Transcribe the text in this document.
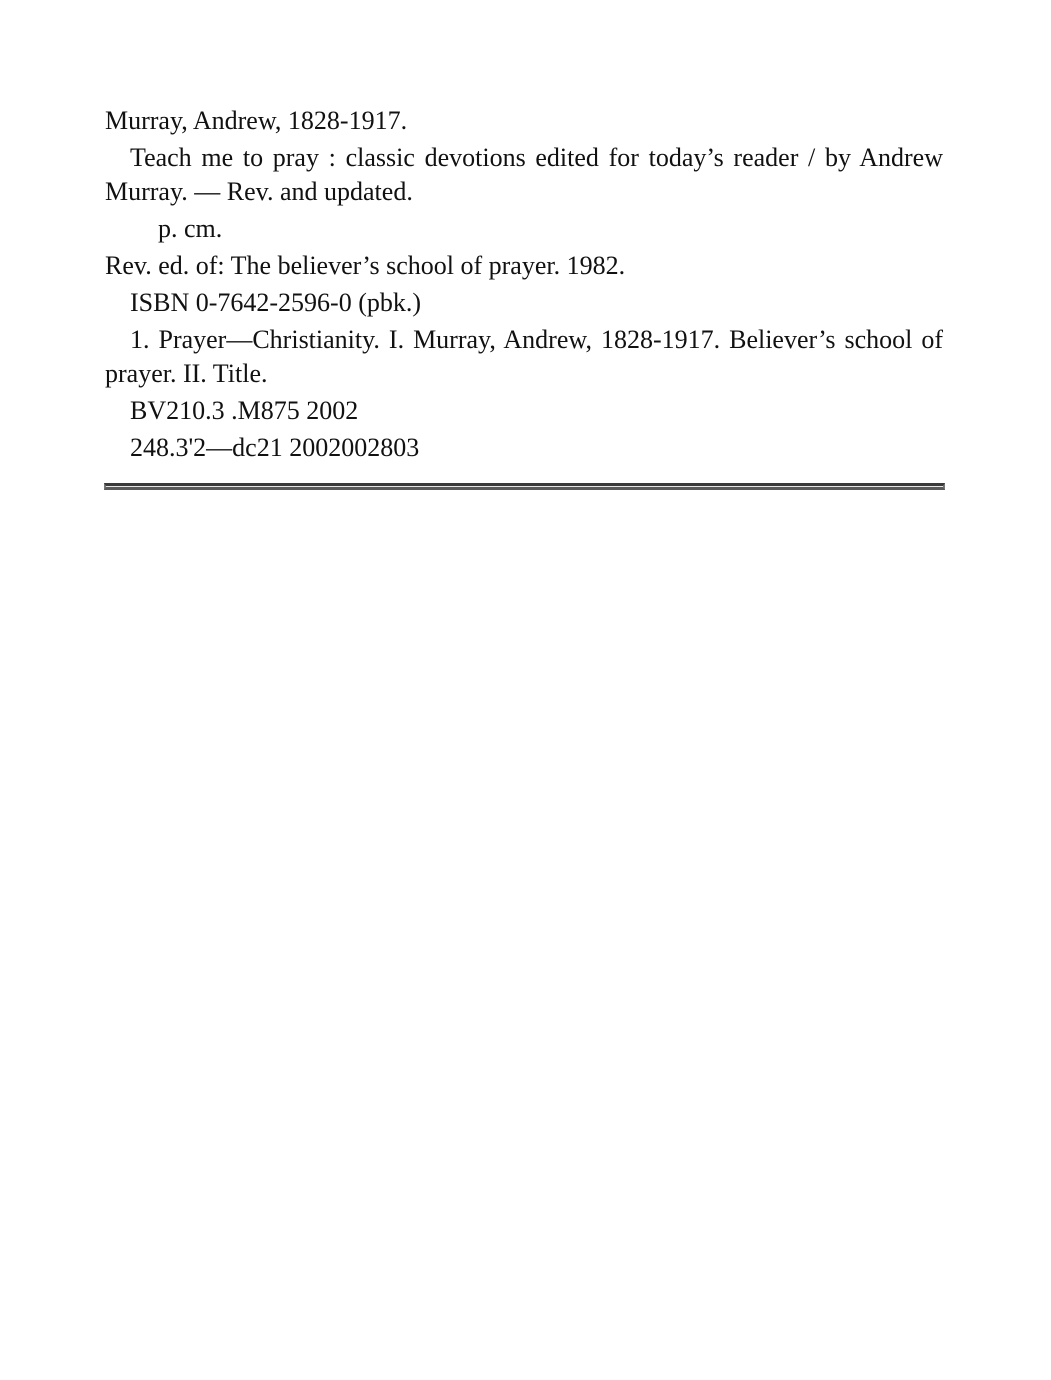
Murray, Andrew, 1828-1917.

Teach me to pray : classic devotions edited for today’s reader / by Andrew Murray. — Rev. and updated.

p. cm.

Rev. ed. of: The believer’s school of prayer. 1982.

ISBN 0-7642-2596-0 (pbk.)

1. Prayer—Christianity. I. Murray, Andrew, 1828-1917. Believer’s school of prayer. II. Title.

BV210.3 .M875 2002

248.3'2—dc21 2002002803
